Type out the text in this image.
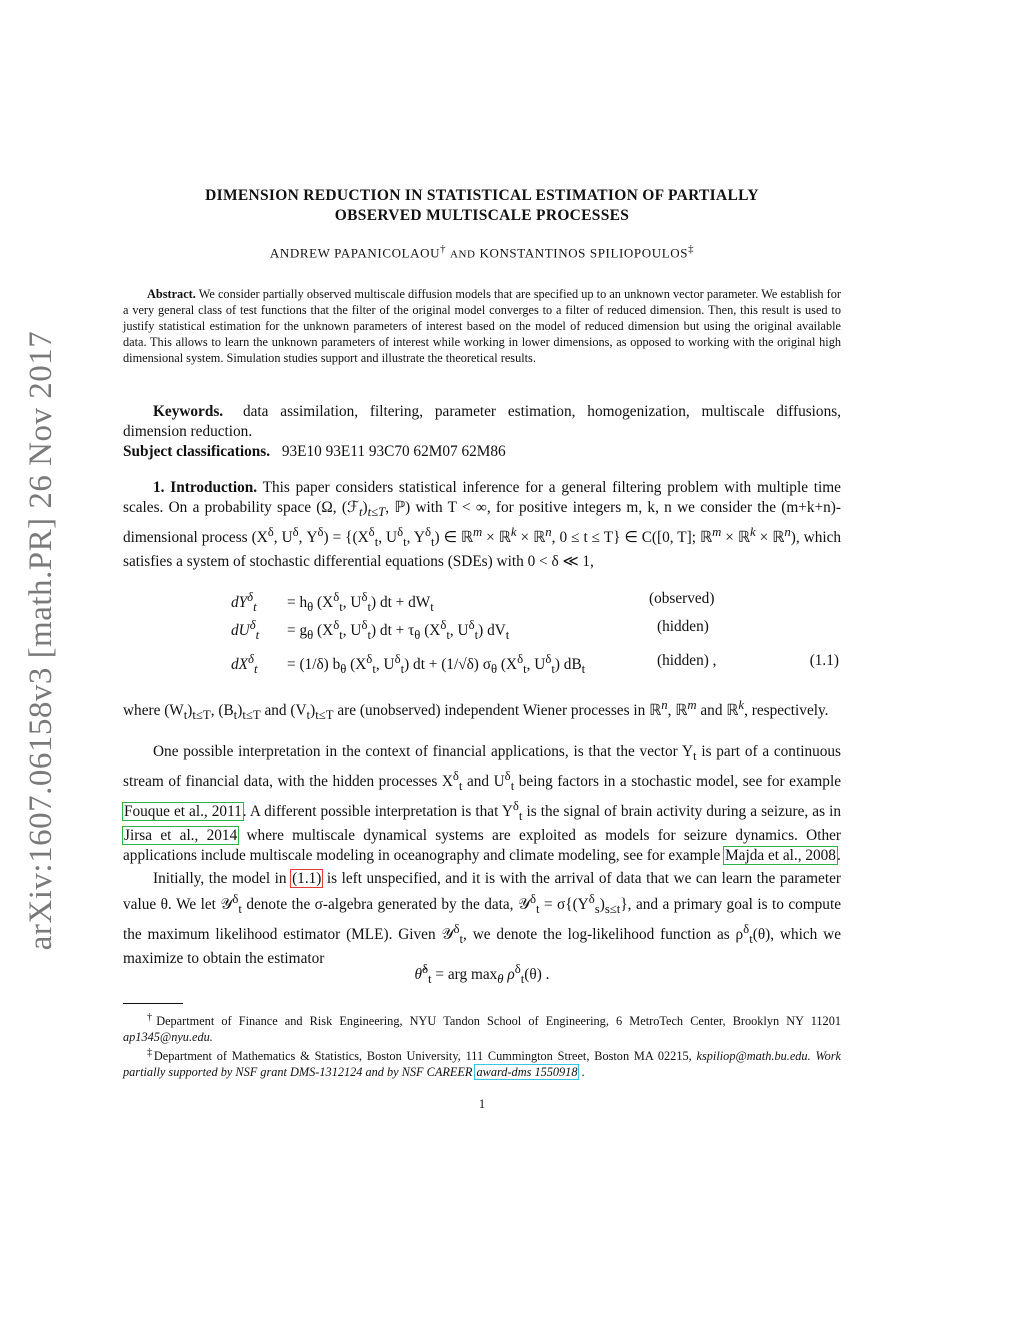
arXiv:1607.06158v3 [math.PR] 26 Nov 2017
DIMENSION REDUCTION IN STATISTICAL ESTIMATION OF PARTIALLY
OBSERVED MULTISCALE PROCESSES
ANDREW PAPANICOLAOU† AND KONSTANTINOS SPILIOPOULOS‡
Abstract. We consider partially observed multiscale diffusion models that are specified up to an unknown vector parameter. We establish for a very general class of test functions that the filter of the original model converges to a filter of reduced dimension. Then, this result is used to justify statistical estimation for the unknown parameters of interest based on the model of reduced dimension but using the original available data. This allows to learn the unknown parameters of interest while working in lower dimensions, as opposed to working with the original high dimensional system. Simulation studies support and illustrate the theoretical results.
Keywords. data assimilation, filtering, parameter estimation, homogenization, multiscale diffusions, dimension reduction.
Subject classifications. 93E10 93E11 93C70 62M07 62M86

1. Introduction. This paper considers statistical inference for a general filtering problem with multiple time scales. On a probability space (Ω, $(ℱ_t)_{t\le T}$, ℙ) with T < ∞, for positive integers m, k, n we consider the (m+k+n)-dimensional process ($X^\delta$, $U^\delta$, $Y^\delta) = \{(X^\delta_t$, $U^\delta_t$, $Y^\delta_t$) ∈ ℝ$^m$ × ℝ$^k$ × ℝ$^n$, 0 ≤ t ≤ T} ∈ C([0, T]; ℝ$^m$ × ℝ$^k$ × ℝ$^n$), which satisfies a system of stochastic differential equations (SDEs) with 0 < δ ≪ 1,

$dY^\delta_t = h_\theta$ ($X^\delta_t$, $U^\delta_t$) dt + $dW_t$
(observed)
$dU^\delta_t = g_\theta$ ($X^\delta_t$, $U^\delta_t$) dt + $\tau_\theta$ ($X^\delta_t$, $U^\delta_t$) $dV_t$
(hidden)
$dX^\delta_t = (1/\delta)$ $b_\theta$ ($X^\delta_t$, $U^\delta_t$) dt + (1/√δ) $\sigma_\theta$ ($X^\delta_t$, $U^\delta_t$) $dB_t$
(hidden) ,	(1.1)

where $(W_t)_{t\le T}$, $(B_t)_{t\le T}$ and $(V_t)_{t\le T}$ are (unobserved) independent Wiener processes in ℝ$^n$, ℝ$^m$ and ℝ$^k$, respectively.

One possible interpretation in the context of financial applications, is that the vector $Y_t$ is part of a continuous stream of financial data, with the hidden processes $X^\delta_t$ and $U^\delta_t$ being factors in a stochastic model, see for example Fouque et al., 2011. A different possible interpretation is that $Y^\delta_t$ is the signal of brain activity during a seizure, as in Jirsa et al., 2014 where multiscale dynamical systems are exploited as models for seizure dynamics. Other applications include multiscale modeling in oceanography and climate modeling, see for example Majda et al., 2008.

Initially, the model in (1.1) is left unspecified, and it is with the arrival of data that we can learn the parameter value θ. We let 𝒴$^\delta_t$ denote the σ-algebra generated by the data, 𝒴$^\delta_t$ = $\sigma\{(Y^\delta_s)_{s\le t}\}$, and a primary goal is to compute the maximum likelihood estimator (MLE). Given 𝒴$^\delta_t$, we denote the log-likelihood function as $\rho^\delta_t(\theta)$, which we maximize to obtain the estimator

θ̂$^\delta_t$ = arg $\max_\theta \rho^\delta_t(\theta)$ .

†Department of Finance and Risk Engineering, NYU Tandon School of Engineering, 6 MetroTech Center, Brooklyn NY 11201 ap1345@nyu.edu.

‡Department of Mathematics & Statistics, Boston University, 111 Cummington Street, Boston MA 02215, kspiliop@math.bu.edu. Work partially supported by NSF grant DMS-1312124 and by NSF CAREER award-dms 1550918 .

1
